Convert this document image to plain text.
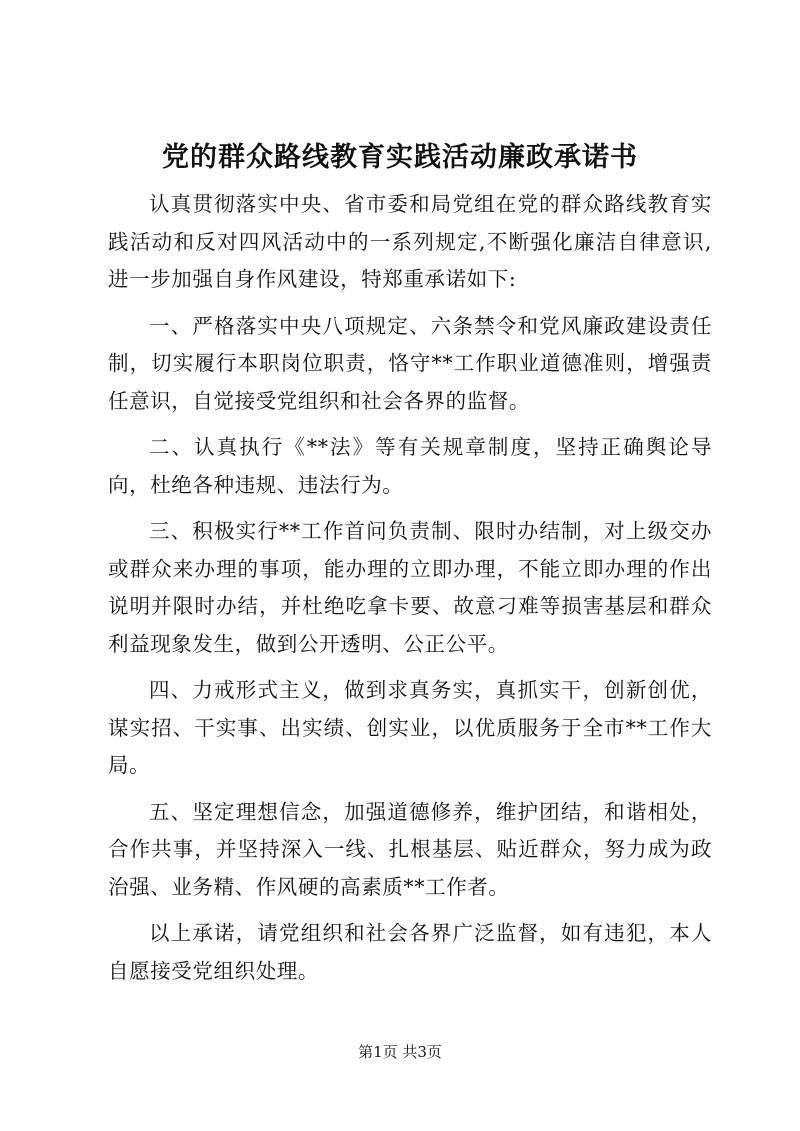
党的群众路线教育实践活动廉政承诺书

认真贯彻落实中央、省市委和局党组在党的群众路线教育实践活动和反对四风活动中的一系列规定,不断强化廉洁自律意识,进一步加强自身作风建设，特郑重承诺如下:

一、严格落实中央八项规定、六条禁令和党风廉政建设责任制，切实履行本职岗位职责，恪守**工作职业道德准则，增强责任意识，自觉接受党组织和社会各界的监督。

二、认真执行《**法》等有关规章制度，坚持正确舆论导向，杜绝各种违规、违法行为。

三、积极实行**工作首问负责制、限时办结制，对上级交办或群众来办理的事项，能办理的立即办理，不能立即办理的作出说明并限时办结，并杜绝吃拿卡要、故意刁难等损害基层和群众利益现象发生，做到公开透明、公正公平。

四、力戒形式主义，做到求真务实，真抓实干，创新创优，谋实招、干实事、出实绩、创实业，以优质服务于全市**工作大局。

五、坚定理想信念，加强道德修养，维护团结，和谐相处，合作共事，并坚持深入一线、扎根基层、贴近群众，努力成为政治强、业务精、作风硬的高素质**工作者。

以上承诺，请党组织和社会各界广泛监督，如有违犯，本人自愿接受党组织处理。

第1页 共3页
